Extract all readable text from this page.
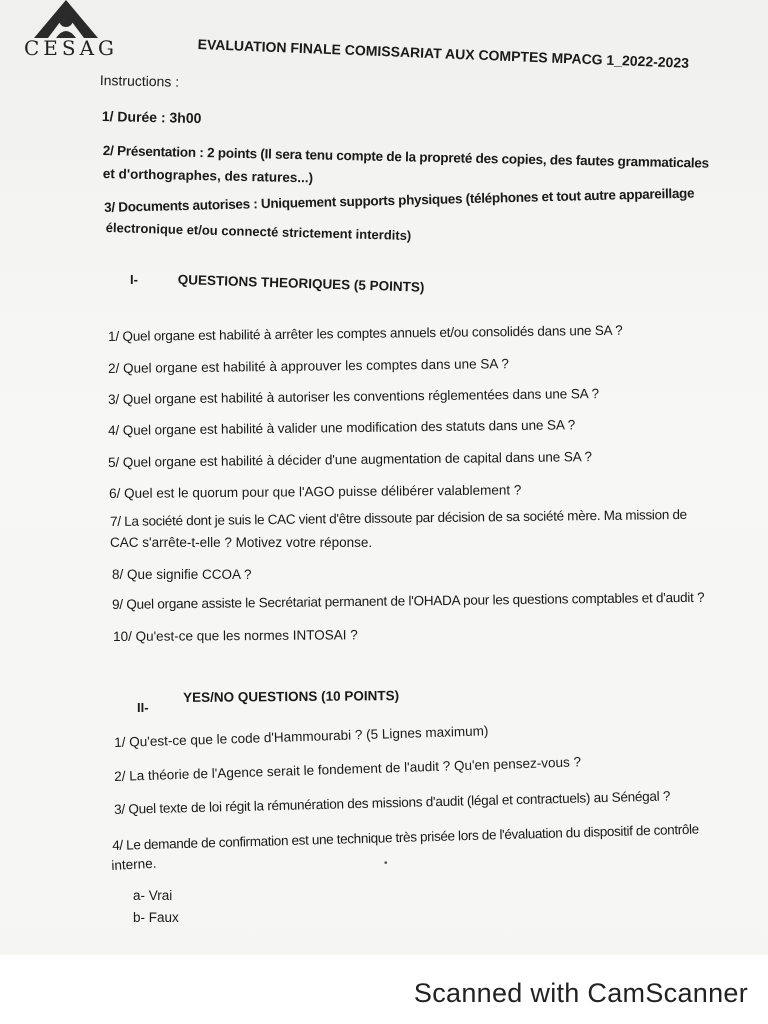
CESAG	EVALUATION FINALE COMISSARIAT AUX COMPTES MPACG 1_2022-2023
Instructions :
1/ Durée : 3h00
2/ Présentation : 2 points (Il sera tenu compte de la propreté des copies, des fautes grammaticales
et d'orthographes, des ratures...)
3/ Documents autorises : Uniquement supports physiques (téléphones et tout autre appareillage
électronique et/ou connecté strictement interdits)
I-	QUESTIONS THEORIQUES (5 POINTS)
1/ Quel organe est habilité à arrêter les comptes annuels et/ou consolidés dans une SA ?
2/ Quel organe est habilité à approuver les comptes dans une SA ?
3/ Quel organe est habilité à autoriser les conventions réglementées dans une SA ?
4/ Quel organe est habilité à valider une modification des statuts dans une SA ?
5/ Quel organe est habilité à décider d'une augmentation de capital dans une SA ?
6/ Quel est le quorum pour que l'AGO puisse délibérer valablement ?
7/ La société dont je suis le CAC vient d'être dissoute par décision de sa société mère. Ma mission de
CAC s'arrête-t-elle ? Motivez votre réponse.
8/ Que signifie CCOA ?
9/ Quel organe assiste le Secrétariat permanent de l'OHADA pour les questions comptables et d'audit ?
10/ Qu'est-ce que les normes INTOSAI ?
II-
YES/NO QUESTIONS (10 POINTS)
1/ Qu'est-ce que le code d'Hammourabi ? (5 Lignes maximum)
2/ La théorie de l'Agence serait le fondement de l'audit ? Qu'en pensez-vous ?
3/ Quel texte de loi régit la rémunération des missions d'audit (légal et contractuels) au Sénégal ?
4/ Le demande de confirmation est une technique très prisée lors de l'évaluation du dispositif de contrôle
interne.
a- Vrai
b- Faux
•
Scanned with CamScanner
